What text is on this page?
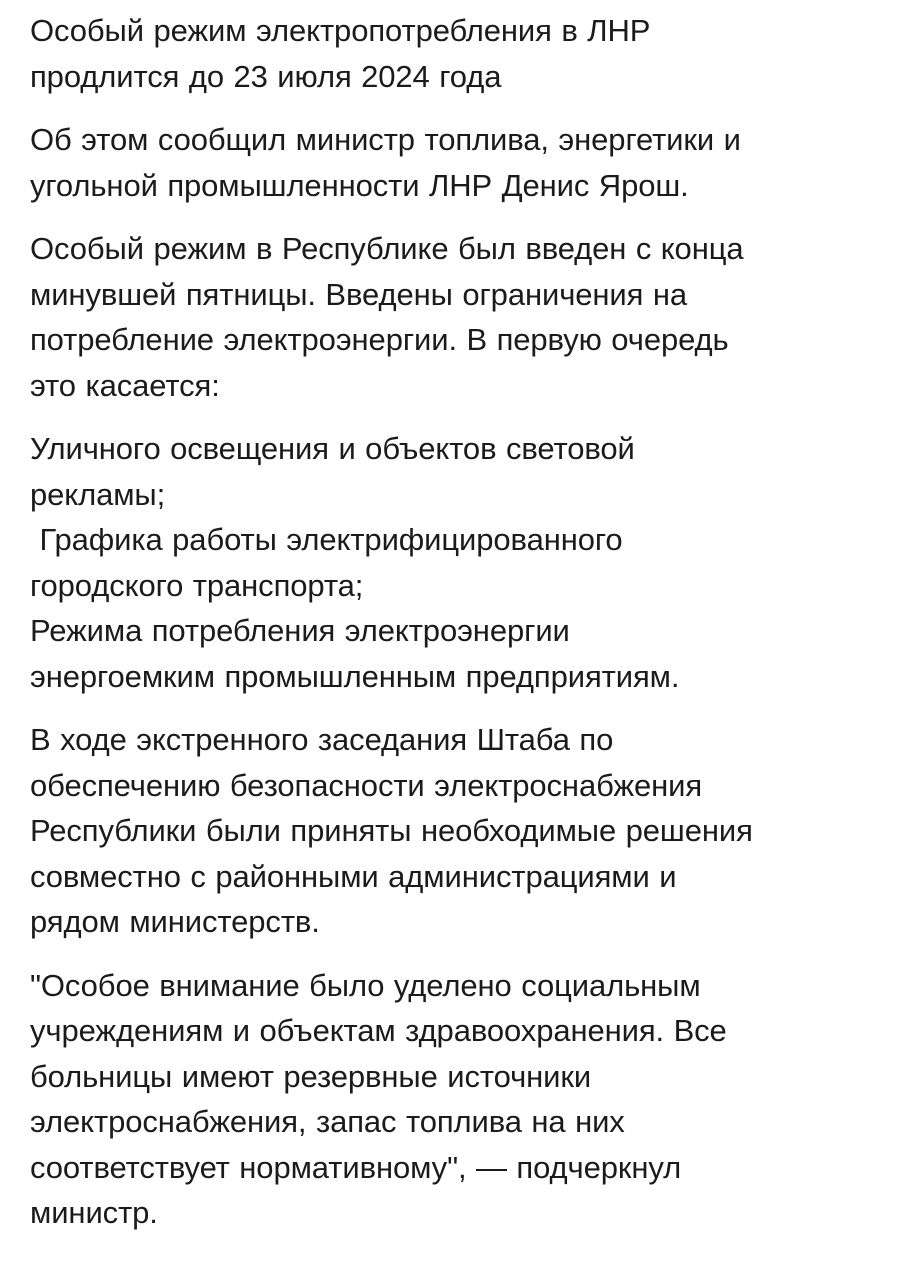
Особый режим электропотребления в ЛНР
продлится до 23 июля 2024 года
Об этом сообщил министр топлива, энергетики и
угольной промышленности ЛНР Денис Ярош.
Особый режим в Республике был введен с конца
минувшей пятницы. Введены ограничения на
потребление электроэнергии. В первую очередь
это касается:
Уличного освещения и объектов световой
рекламы;
Графика работы электрифицированного
городского транспорта;
Режима потребления электроэнергии
энергоемким промышленным предприятиям.
В ходе экстренного заседания Штаба по
обеспечению безопасности электроснабжения
Республики были приняты необходимые решения
совместно с районными администрациями и
рядом министерств.
"Особое внимание было уделено социальным
учреждениям и объектам здравоохранения. Все
больницы имеют резервные источники
электроснабжения, запас топлива на них
соответствует нормативному", — подчеркнул
министр.
